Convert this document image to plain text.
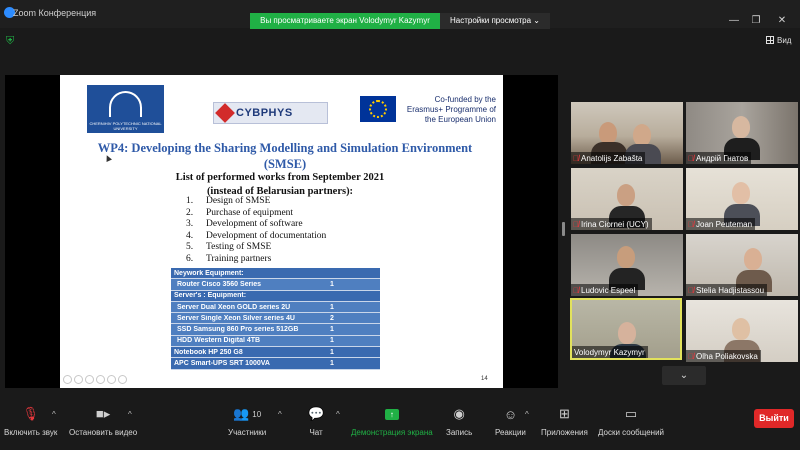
Zoom Конференция
Вы просматриваете экран Volodymyr Kazymyr	Настройки просмотра ⌄	—	❐	✕
⛨	Вид
CHERNIHIV POLYTECHNIC NATIONAL UNIVERSITY
CYBPHYS
Co-funded by the Erasmus+ Programme of the European Union
WP4: Developing the Sharing Modelling and Simulation Environment (SMSE)
List of performed works from September 2021
(instead of Belarusian partners):
1.	Design of SMSE
2.	Purchase of equipment
3.	Development of software
4.	Development of documentation
5.	Testing of SMSE
6.	Training partners
Neywork Equipment:
Router Cisco 3560 Series	1
Server's : Equipment:
Server Dual Xeon GOLD series 2U	1
Server Single Xeon Silver series 4U	2
SSD Samsung 860 Pro series 512GB	1
HDD Western Digital 4TB	1
Notebook HP 250 G8	1
APC Smart-UPS SRT 1000VA	1
14
🎙̸ Anatolijs Zabašta	🎙̸ Андрій Гнатов
🎙̸ Irina Ciornei (UCY)	🎙̸ Joan Peuteman
🎙̸ Ludovic Espeel	🎙̸ Stelia Hadjistassou
Volodymyr Kazymyr	🎙̸ Olha Poliakovska
⌄
🎙
Включить звук
^	■▸
Остановить видео
^	👥 10
Участники
^ 💬
Чат
^	↑
Демонстрация экрана
◉
Запись
☺
Реакции
^ ⊞
Приложения
▭
Доски сообщений
Выйти
